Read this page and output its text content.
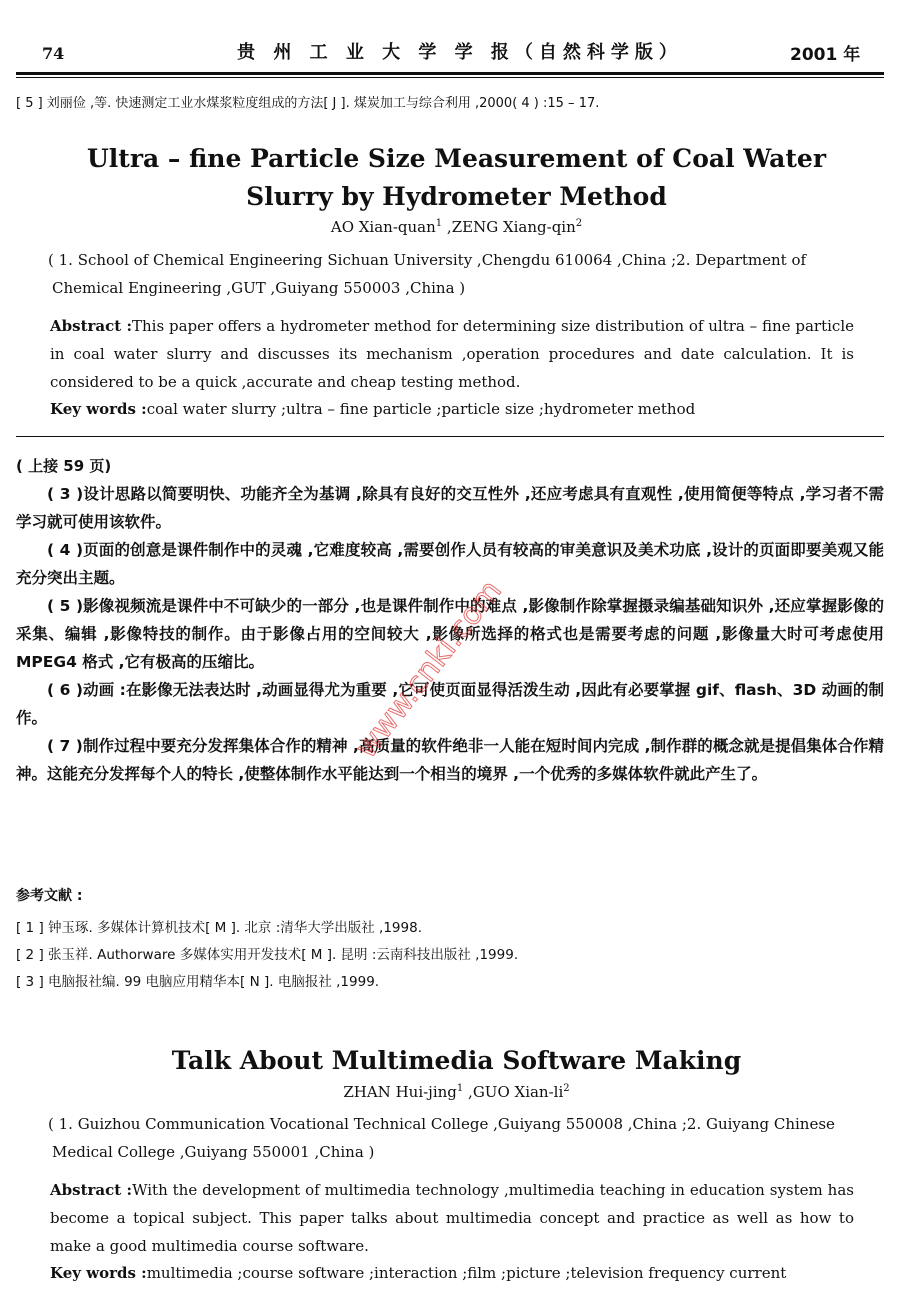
74	贵 州 工 业 大 学 学 报（自然科学版）	2001 年
[ 5 ] 刘丽俭 ,等. 快速测定工业水煤浆粒度组成的方法[ J ]. 煤炭加工与综合利用 ,2000( 4 ) :15 – 17.
Ultra – fine Particle Size Measurement of Coal Water
Slurry by Hydrometer Method
AO Xian-quan$^1$ ,ZENG Xiang-qin$^2$
( 1. School of Chemical Engineering Sichuan University ,Chengdu 610064 ,China ;2. Department of
Chemical Engineering ,GUT ,Guiyang 550003 ,China )
Abstract :This paper offers a hydrometer method for determining size distribution of ultra – fine particle in coal water slurry and discusses its mechanism ,operation procedures and date calculation. It is considered to be a quick ,accurate and cheap testing method.
Key words :coal water slurry ;ultra – fine particle ;particle size ;hydrometer method
( 上接 59 页)
( 3 )设计思路以简要明快、功能齐全为基调 ,除具有良好的交互性外 ,还应考虑具有直观性 ,使用简便等特点 ,学习者不需学习就可使用该软件。
( 4 )页面的创意是课件制作中的灵魂 ,它难度较高 ,需要创作人员有较高的审美意识及美术功底 ,设计的页面即要美观又能充分突出主题。
( 5 )影像视频流是课件中不可缺少的一部分 ,也是课件制作中的难点 ,影像制作除掌握摄录编基础知识外 ,还应掌握影像的采集、编辑 ,影像特技的制作。由于影像占用的空间较大 ,影像所选择的格式也是需要考虑的问题 ,影像量大时可考虑使用 MPEG4 格式 ,它有极高的压缩比。
( 6 )动画 :在影像无法表达时 ,动画显得尤为重要 ,它可使页面显得活泼生动 ,因此有必要掌握 gif、flash、3D 动画的制作。
( 7 )制作过程中要充分发挥集体合作的精神 ,高质量的软件绝非一人能在短时间内完成 ,制作群的概念就是提倡集体合作精神。这能充分发挥每个人的特长 ,使整体制作水平能达到一个相当的境界 ,一个优秀的多媒体软件就此产生了。
参考文献 :
[ 1 ] 钟玉琢. 多媒体计算机技术[ M ]. 北京 :清华大学出版社 ,1998.
[ 2 ] 张玉祥. Authorware 多媒体实用开发技术[ M ]. 昆明 :云南科技出版社 ,1999.
[ 3 ] 电脑报社编. 99 电脑应用精华本[ N ]. 电脑报社 ,1999.
Talk About Multimedia Software Making
ZHAN Hui-jing$^1$ ,GUO Xian-$li^2$
( 1. Guizhou Communication Vocational Technical College ,Guiyang 550008 ,China ;2. Guiyang Chinese
Medical College ,Guiyang 550001 ,China )
Abstract :With the development of multimedia technology ,multimedia teaching in education system has become a topical subject. This paper talks about multimedia concept and practice as well as how to make a good multimedia course software.
Key words :multimedia ;course software ;interaction ;film ;picture ;television frequency current
www.cnki.com
